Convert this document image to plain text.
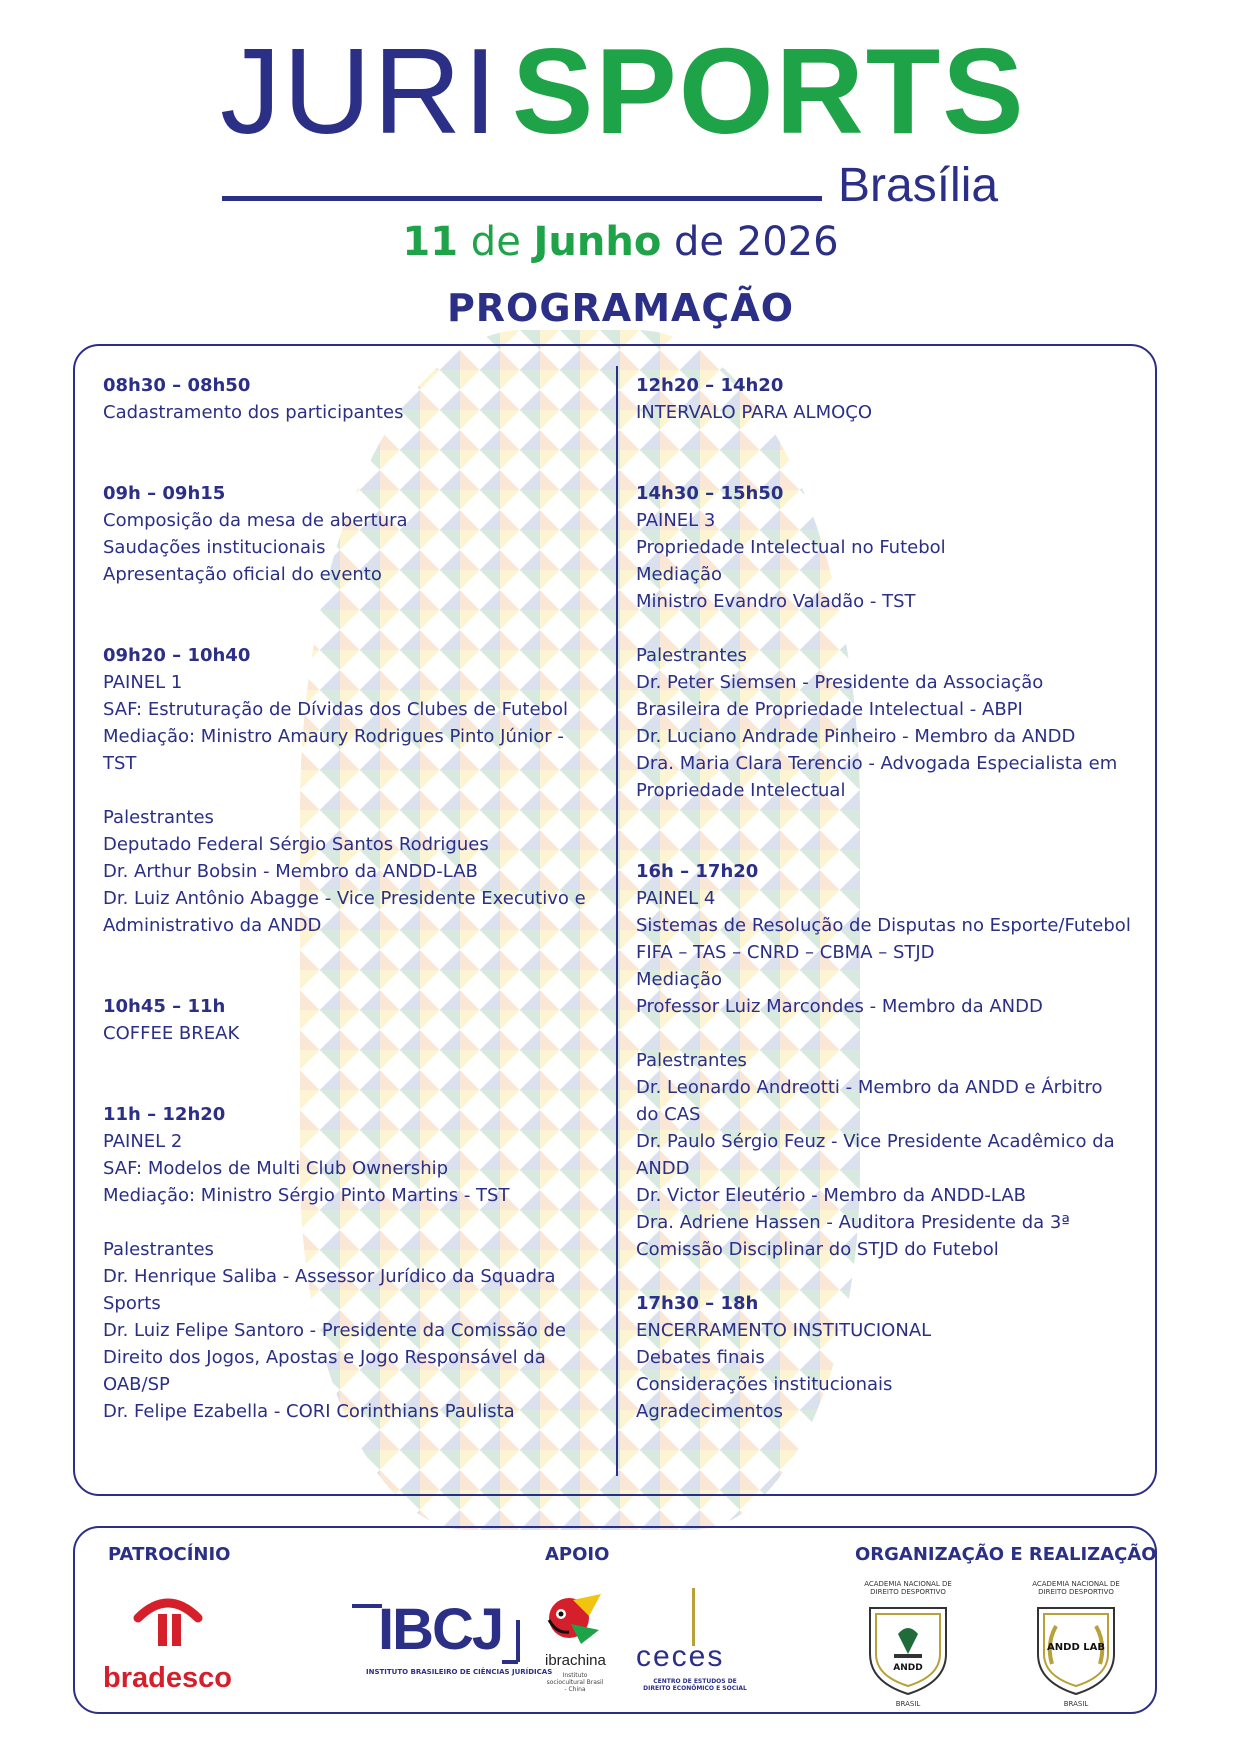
JURI SPORTS
Brasília
11 de Junho de 2026
PROGRAMAÇÃO
08h30 – 08h50
Cadastramento dos participantes
09h – 09h15
Composição da mesa de abertura
Saudações institucionais
Apresentação oficial do evento
09h20 – 10h40
PAINEL 1
SAF: Estruturação de Dívidas dos Clubes de Futebol
Mediação: Ministro Amaury Rodrigues Pinto Júnior -
TST
Palestrantes
Deputado Federal Sérgio Santos Rodrigues
Dr. Arthur Bobsin - Membro da ANDD-LAB
Dr. Luiz Antônio Abagge - Vice Presidente Executivo e
Administrativo da ANDD
10h45 – 11h
COFFEE BREAK
11h – 12h20
PAINEL 2
SAF: Modelos de Multi Club Ownership
Mediação: Ministro Sérgio Pinto Martins - TST
Palestrantes
Dr. Henrique Saliba - Assessor Jurídico da Squadra
Sports
Dr. Luiz Felipe Santoro - Presidente da Comissão de
Direito dos Jogos, Apostas e Jogo Responsável da
OAB/SP
Dr. Felipe Ezabella - CORI Corinthians Paulista
12h20 – 14h20
INTERVALO PARA ALMOÇO
14h30 – 15h50
PAINEL 3
Propriedade Intelectual no Futebol
Mediação
Ministro Evandro Valadão - TST
Palestrantes
Dr. Peter Siemsen - Presidente da Associação
Brasileira de Propriedade Intelectual - ABPI
Dr. Luciano Andrade Pinheiro - Membro da ANDD
Dra. Maria Clara Terencio - Advogada Especialista em
Propriedade Intelectual
16h – 17h20
PAINEL 4
Sistemas de Resolução de Disputas no Esporte/Futebol
FIFA – TAS – CNRD – CBMA – STJD
Mediação
Professor Luiz Marcondes - Membro da ANDD
Palestrantes
Dr. Leonardo Andreotti - Membro da ANDD e Árbitro
do CAS
Dr. Paulo Sérgio Feuz - Vice Presidente Acadêmico da
ANDD
Dr. Victor Eleutério - Membro da ANDD-LAB
Dra. Adriene Hassen - Auditora Presidente da 3ª
Comissão Disciplinar do STJD do Futebol
17h30 – 18h
ENCERRAMENTO INSTITUCIONAL
Debates finais
Considerações institucionais
Agradecimentos
PATROCÍNIO	APOIO	ORGANIZAÇÃO E REALIZAÇÃO
bradesco
IBCJ
INSTITUTO BRASILEIRO DE CIÊNCIAS JURÍDICAS
ibrachina
Instituto sociocultural Brasil - China
ceces
CENTRO DE ESTUDOS DE DIREITO ECONÔMICO E SOCIAL
ACADEMIA NACIONAL DE DIREITO DESPORTIVO
ANDD
BRASIL
ACADEMIA NACIONAL DE DIREITO DESPORTIVO
ANDD LAB
BRASIL
